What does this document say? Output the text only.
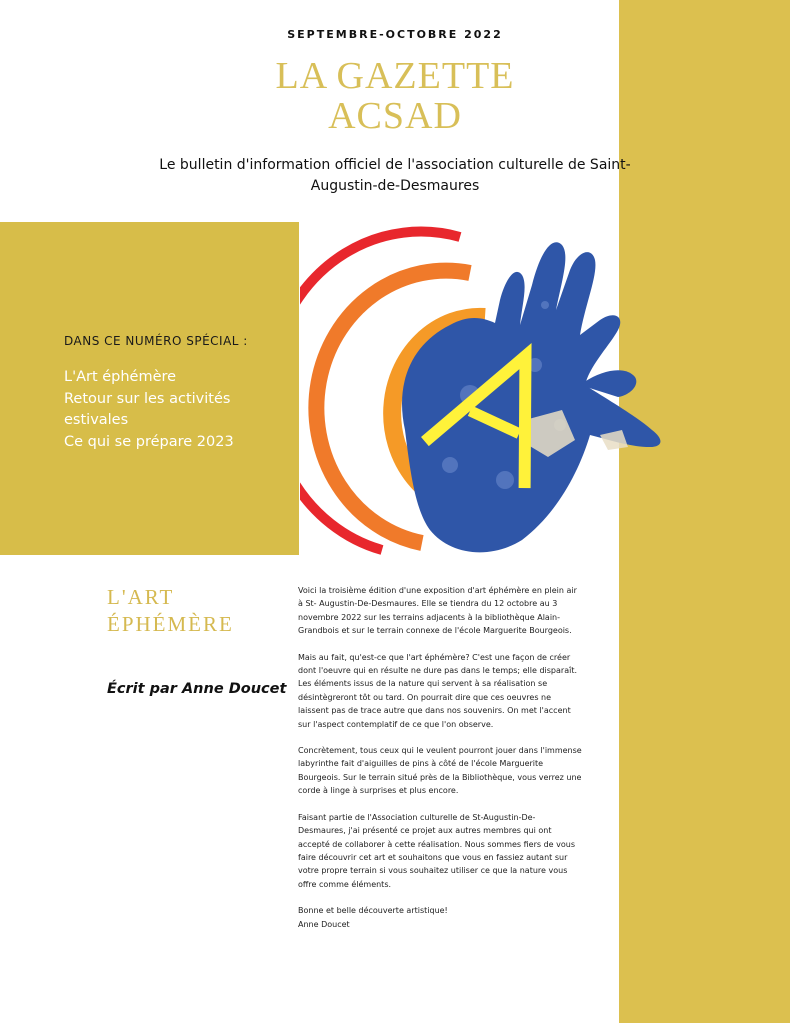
SEPTEMBRE-OCTOBRE 2022
LA GAZETTE
ACSAD
Le bulletin d'information officiel de l'association culturelle de Saint-
Augustin-de-Desmaures
DANS CE NUMÉRO SPÉCIAL :
L'Art éphémère
Retour sur les activités estivales
Ce qui se prépare 2023
L'ART
ÉPHÉMÈRE
Écrit par Anne Doucet

Voici la troisième édition d'une exposition d'art éphémère en plein air à St- Augustin-De-Desmaures. Elle se tiendra du 12 octobre au 3 novembre 2022 sur les terrains adjacents à la bibliothèque Alain-Grandbois et sur le terrain connexe de l'école Marguerite Bourgeois.

Mais au fait, qu'est-ce que l'art éphémère? C'est une façon de créer dont l'oeuvre qui en résulte ne dure pas dans le temps; elle disparaît. Les éléments issus de la nature qui servent à sa réalisation se désintègreront tôt ou tard. On pourrait dire que ces oeuvres ne laissent pas de trace autre que dans nos souvenirs. On met l'accent sur l'aspect contemplatif de ce que l'on observe.

Concrètement, tous ceux qui le veulent pourront jouer dans l'immense labyrinthe fait d'aiguilles de pins à côté de l'école Marguerite Bourgeois. Sur le terrain situé près de la Bibliothèque, vous verrez une corde à linge à surprises et plus encore.

Faisant partie de l'Association culturelle de St-Augustin-De-Desmaures, j'ai présenté ce projet aux autres membres qui ont accepté de collaborer à cette réalisation. Nous sommes fiers de vous faire découvrir cet art et souhaitons que vous en fassiez autant sur votre propre terrain si vous souhaitez utiliser ce que la nature vous offre comme éléments.

Bonne et belle découverte artistique!

Anne Doucet
